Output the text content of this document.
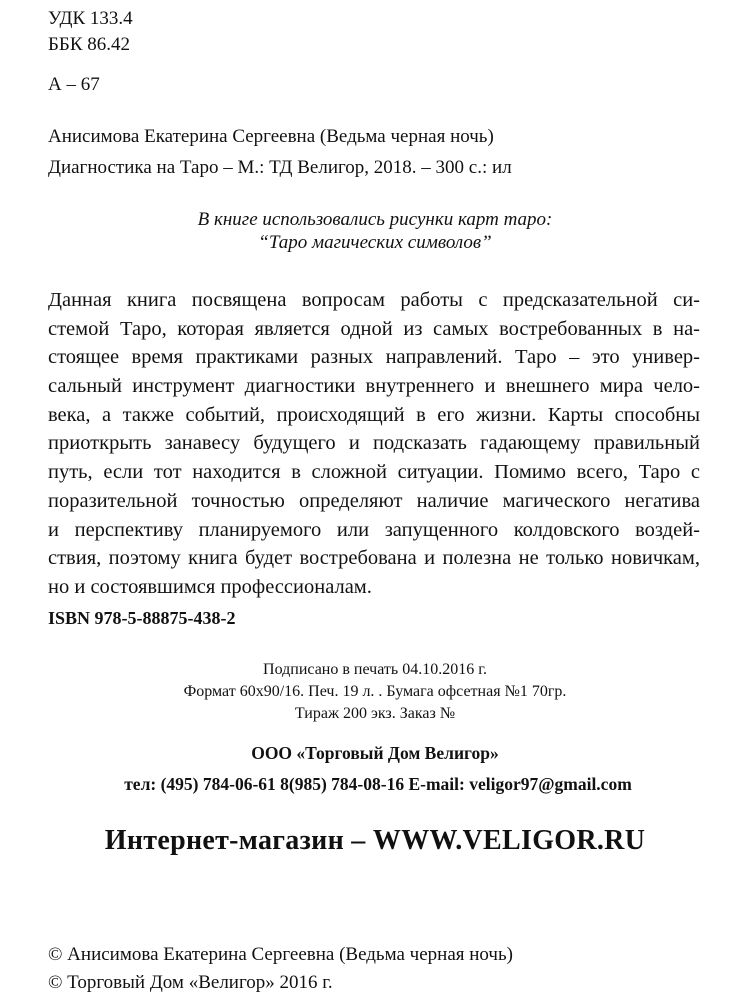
УДК 133.4
ББК 86.42
А – 67
Анисимова Екатерина Сергеевна (Ведьма черная ночь)
Диагностика на Таро – М.: ТД Велигор, 2018. – 300 с.: ил
В книге использовались рисунки карт таро:
“Таро магических символов”
Данная книга посвящена вопросам работы с предсказательной си-
стемой Таро, которая является одной из самых востребованных в на-
стоящее время практиками разных направлений. Таро – это универ-
сальный инструмент диагностики внутреннего и внешнего мира чело-
века, а также событий, происходящий в его жизни. Карты способны
приоткрыть занавесу будущего и подсказать гадающему правильный
путь, если тот находится в сложной ситуации. Помимо всего, Таро с
поразительной точностью определяют наличие магического негатива
и перспективу планируемого или запущенного колдовского воздей-
ствия, поэтому книга будет востребована и полезна не только новичкам,
но и состоявшимся профессионалам.
ISBN 978-5-88875-438-2
Подписано в печать 04.10.2016 г.
Формат 60х90/16. Печ. 19 л. . Бумага офсетная №1 70гр.
Тираж 200 экз. Заказ №
ООО «Торговый Дом Велигор»
тел: (495) 784-06-61 8(985) 784-08-16 E-mail: veligor97@gmail.com
Интернет-магазин – WWW.VELIGOR.RU
© Анисимова Екатерина Сергеевна (Ведьма черная ночь)
© Торговый Дом «Велигор» 2016 г.
